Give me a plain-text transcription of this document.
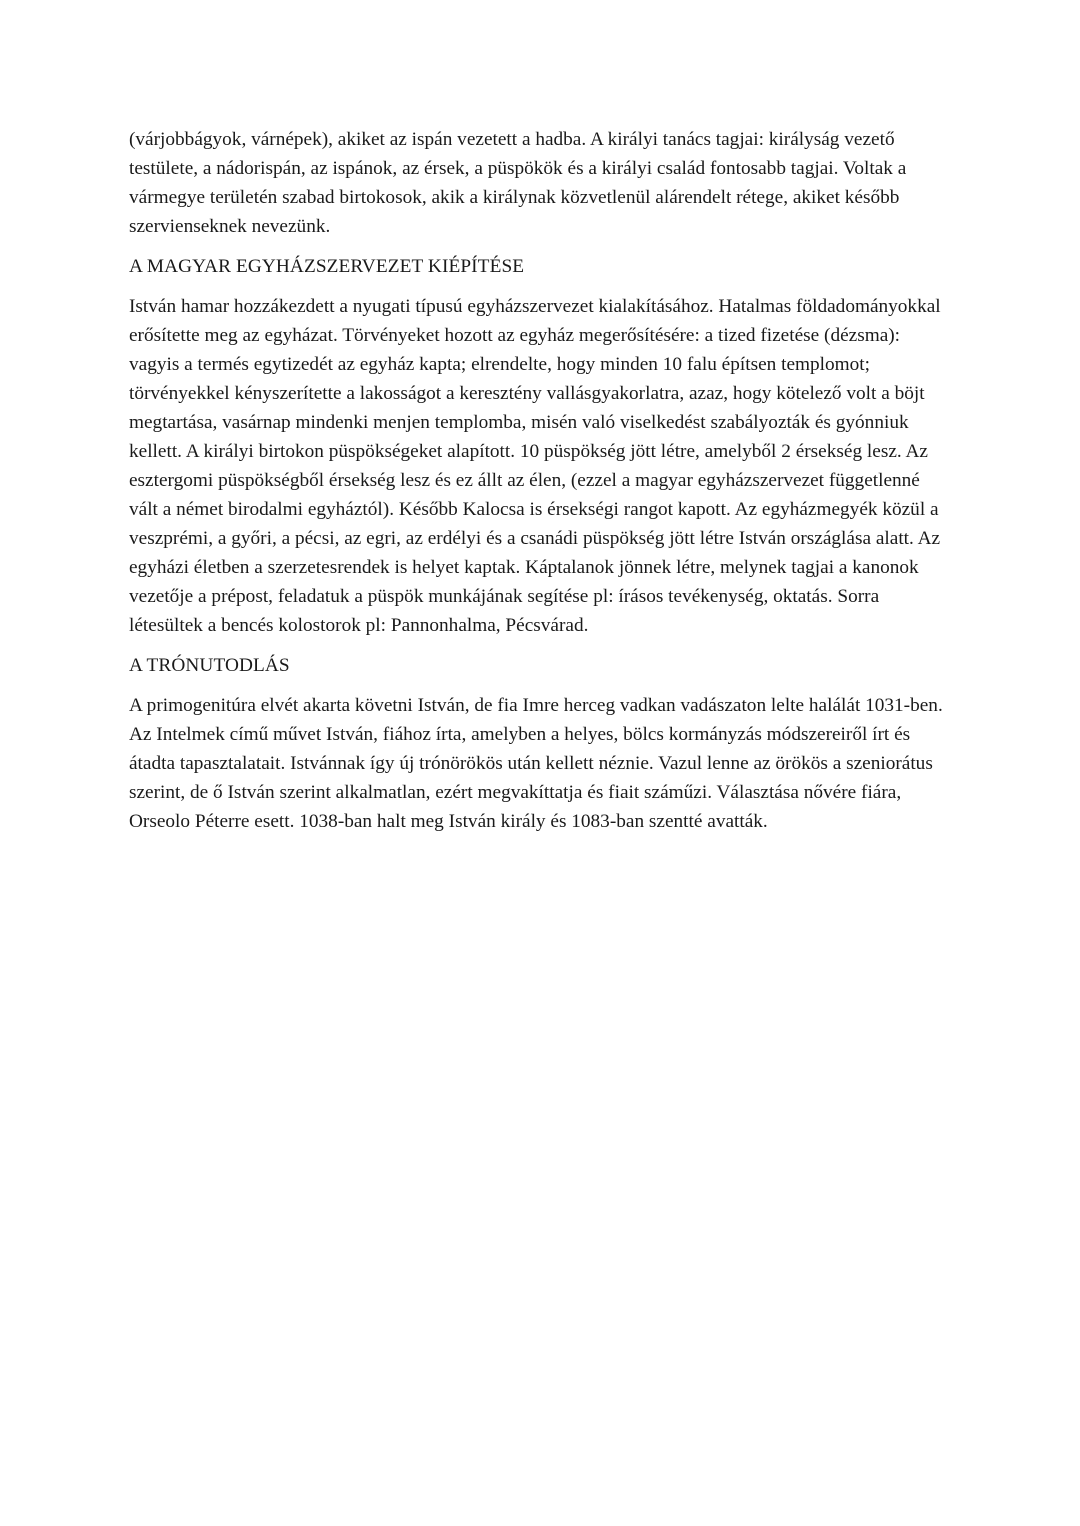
(várjobbágyok, várnépek), akiket az ispán vezetett a hadba. A királyi tanács tagjai: királyság vezető testülete, a nádorispán, az ispánok, az érsek, a püspökök és a királyi család fontosabb tagjai. Voltak a vármegye területén szabad birtokosok, akik a királynak közvetlenül alárendelt rétege, akiket később szervienseknek nevezünk.

A MAGYAR EGYHÁZSZERVEZET KIÉPÍTÉSE

István hamar hozzákezdett a nyugati típusú egyházszervezet kialakításához. Hatalmas földadományokkal erősítette meg az egyházat. Törvényeket hozott az egyház megerősítésére: a tized fizetése (dézsma): vagyis a termés egytizedét az egyház kapta; elrendelte, hogy minden 10 falu építsen templomot; törvényekkel kényszerítette a lakosságot a keresztény vallásgyakorlatra, azaz, hogy kötelező volt a böjt megtartása, vasárnap mindenki menjen templomba, misén való viselkedést szabályozták és gyónniuk kellett. A királyi birtokon püspökségeket alapított. 10 püspökség jött létre, amelyből 2 érsekség lesz. Az esztergomi püspökségből érsekség lesz és ez állt az élen, (ezzel a magyar egyházszervezet függetlenné vált a német birodalmi egyháztól). Később Kalocsa is érsekségi rangot kapott. Az egyházmegyék közül a veszprémi, a győri, a pécsi, az egri, az erdélyi és a csanádi püspökség jött létre István országlása alatt. Az egyházi életben a szerzetesrendek is helyet kaptak. Káptalanok jönnek létre, melynek tagjai a kanonok vezetője a prépost, feladatuk a püspök munkájának segítése pl: írásos tevékenység, oktatás. Sorra létesültek a bencés kolostorok pl: Pannonhalma, Pécsvárad.

A TRÓNUTODLÁS

A primogenitúra elvét akarta követni István, de fia Imre herceg vadkan vadászaton lelte halálát 1031-ben. Az Intelmek című művet István, fiához írta, amelyben a helyes, bölcs kormányzás módszereiről írt és átadta tapasztalatait. Istvánnak így új trónörökös után kellett néznie. Vazul lenne az örökös a szeniorátus szerint, de ő István szerint alkalmatlan, ezért megvakíttatja és fiait száműzi. Választása nővére fiára, Orseolo Péterre esett. 1038-ban halt meg István király és 1083-ban szentté avatták.
